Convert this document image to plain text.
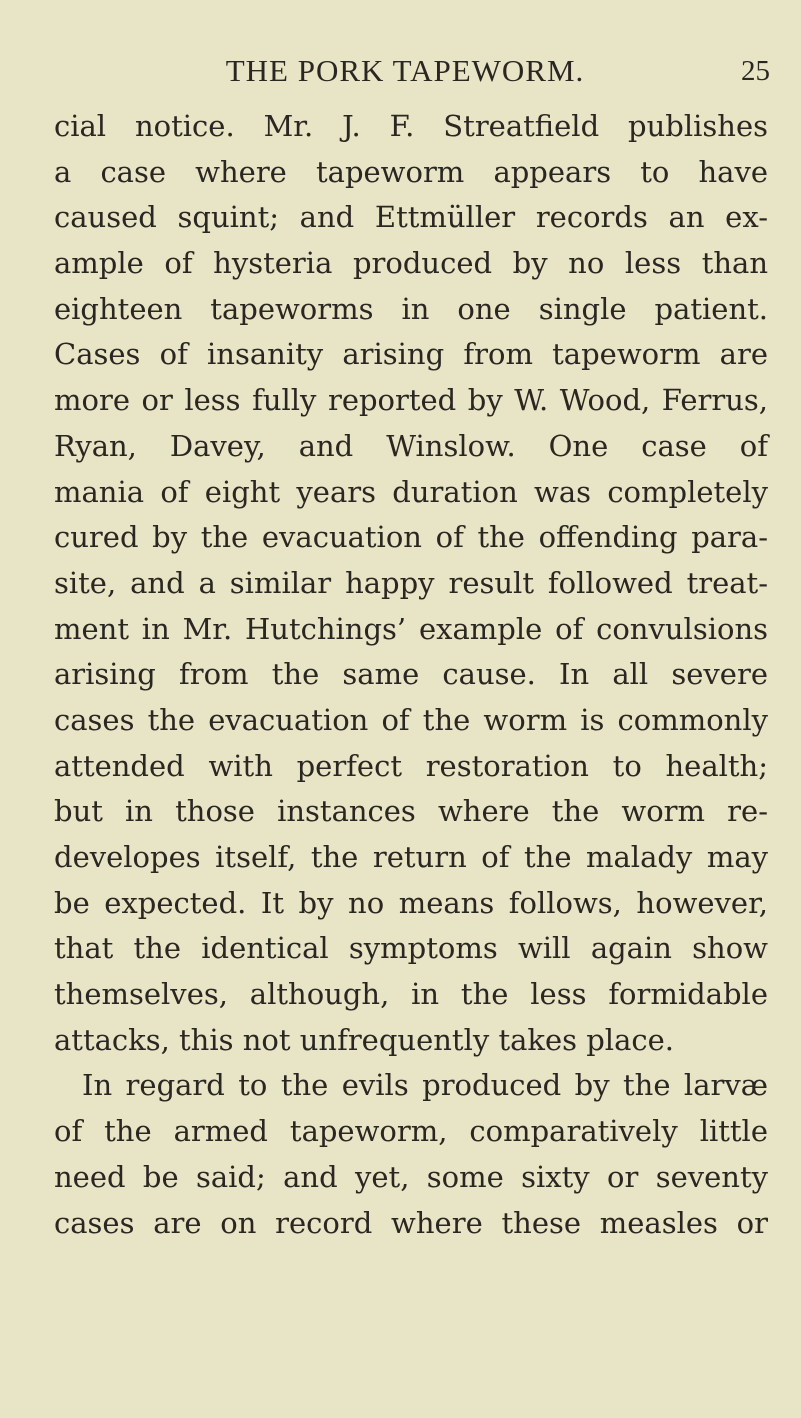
THE PORK TAPEWORM.	25
cial notice. Mr. J. F. Streatfield publishes
a case where tapeworm appears to have
caused squint; and Ettmüller records an ex-
ample of hysteria produced by no less than
eighteen tapeworms in one single patient.
Cases of insanity arising from tapeworm are
more or less fully reported by W. Wood, Ferrus,
Ryan, Davey, and Winslow. One case of
mania of eight years duration was completely
cured by the evacuation of the offending para-
site, and a similar happy result followed treat-
ment in Mr. Hutchings’ example of convulsions
arising from the same cause. In all severe
cases the evacuation of the worm is commonly
attended with perfect restoration to health;
but in those instances where the worm re-
developes itself, the return of the malady may
be expected. It by no means follows, however,
that the identical symptoms will again show
themselves, although, in the less formidable
attacks, this not unfrequently takes place.
In regard to the evils produced by the larvæ
of the armed tapeworm, comparatively little
need be said; and yet, some sixty or seventy
cases are on record where these measles or
